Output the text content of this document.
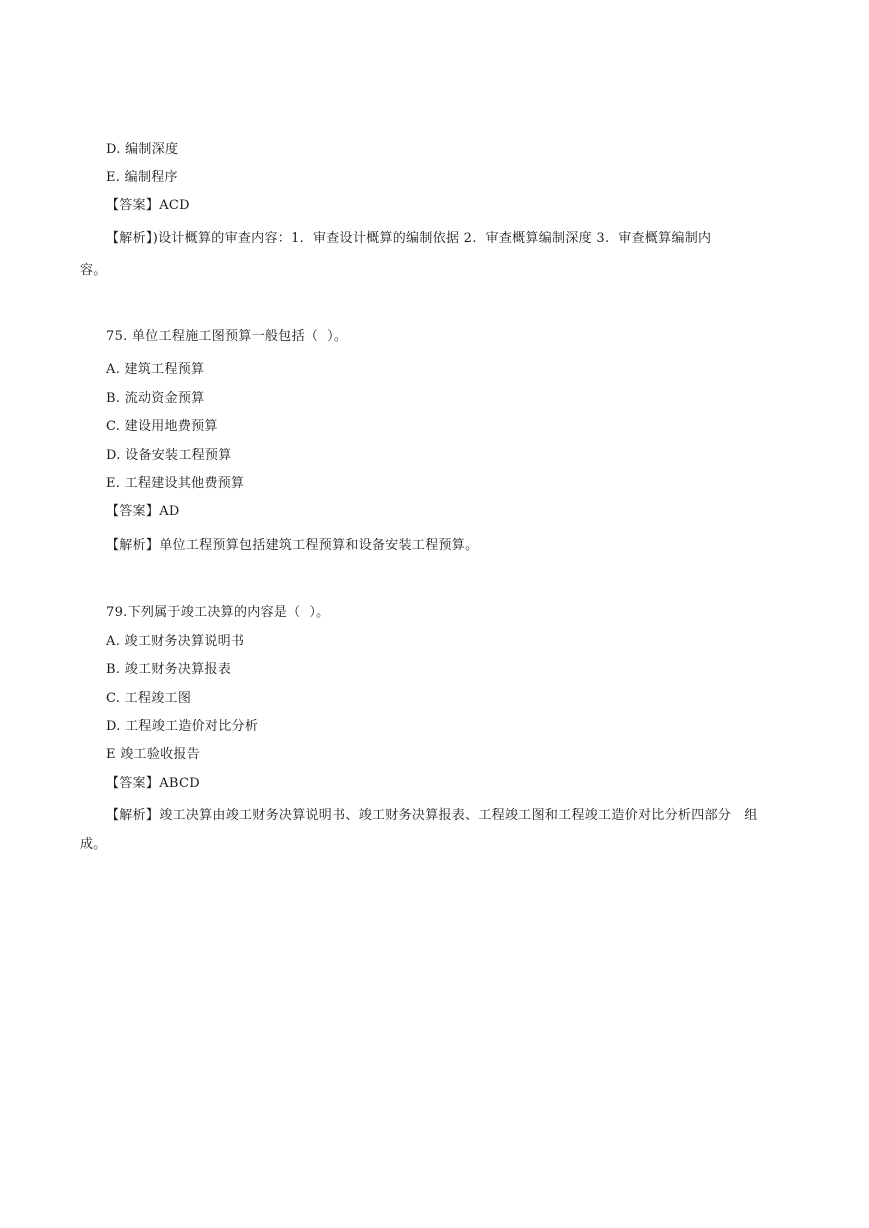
D. 编制深度
E. 编制程序
【答案】ACD
【解析】)设计概算的审查内容：1.  审查设计概算的编制依据 2.  审查概算编制深度 3.  审查概算编制内
容。
75. 单位工程施工图预算一般包括（  ）。
A. 建筑工程预算
B. 流动资金预算
C. 建设用地费预算
D. 设备安装工程预算
E. 工程建设其他费预算
【答案】AD
【解析】单位工程预算包括建筑工程预算和设备安装工程预算。
79.下列属于竣工决算的内容是（  ）。
A. 竣工财务决算说明书
B. 竣工财务决算报表
C. 工程竣工图
D. 工程竣工造价对比分析
E 竣工验收报告
【答案】ABCD
【解析】竣工决算由竣工财务决算说明书、竣工财务决算报表、工程竣工图和工程竣工造价对比分析四部分   组
成。
